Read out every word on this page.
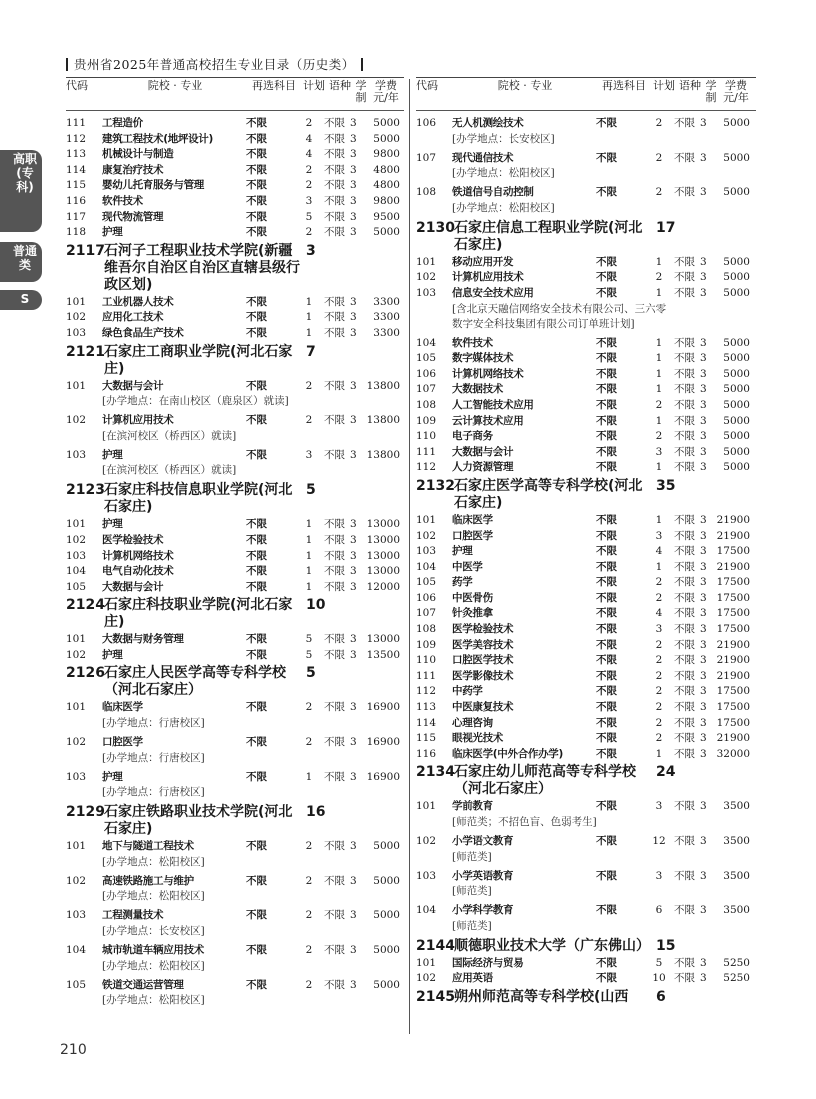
贵州省2025年普通高校招生专业目录（历史类）
高职(专科)
普通类
S
代码	院校 · 专业	再选科目 计划 语种 学制
学费元/年
111	工程造价	不限	2	不限 3	5000
112	建筑工程技术(地坪设计)	不限	4	不限 3	5000
113	机械设计与制造	不限	4	不限 3	9800
114	康复治疗技术	不限	2	不限 3	4800
115	婴幼儿托育服务与管理	不限	2	不限 3	4800
116	软件技术	不限	3	不限 3	9800
117	现代物流管理	不限	5	不限 3	9500
118	护理	不限	2	不限 3	5000
2117 石河子工程职业技术学院(新疆维吾尔自治区自治区直辖县级行政区划)
3
101	工业机器人技术	不限	1	不限 3	3300
102	应用化工技术	不限	1	不限 3	3300
103	绿色食品生产技术	不限	1	不限 3	3300
2121 石家庄工商职业学院(河北石家庄)
7
101	大数据与会计	不限	2	不限 3 13800
[办学地点：在南山校区（鹿泉区）就读]
102	计算机应用技术	不限	2	不限 3 13800
[在滨河校区（桥西区）就读]
103	护理	不限	3	不限 3 13800
[在滨河校区（桥西区）就读]
2123 石家庄科技信息职业学院(河北石家庄)
5
101	护理	不限	1	不限 3 13000
102	医学检验技术	不限	1	不限 3 13000
103	计算机网络技术	不限	1	不限 3 13000
104	电气自动化技术	不限	1	不限 3 13000
105	大数据与会计	不限	1	不限 3 12000
2124 石家庄科技职业学院(河北石家庄)
10
101	大数据与财务管理	不限	5	不限 3 13000
102	护理	不限	5	不限 3 13500
2126 石家庄人民医学高等专科学校（河北石家庄）
5
101	临床医学	不限	2	不限 3 16900
[办学地点：行唐校区]
102	口腔医学	不限	2	不限 3 16900
[办学地点：行唐校区]
103	护理	不限	1	不限 3 16900
[办学地点：行唐校区]
2129 石家庄铁路职业技术学院(河北石家庄)
16
101	地下与隧道工程技术	不限	2	不限 3	5000
[办学地点：松阳校区]
102	高速铁路施工与维护	不限	2	不限 3	5000
[办学地点：松阳校区]
103	工程测量技术	不限	2	不限 3	5000
[办学地点：长安校区]
104	城市轨道车辆应用技术	不限	2	不限 3	5000
[办学地点：松阳校区]
105	铁道交通运营管理	不限	2	不限 3	5000
[办学地点：松阳校区]
代码	院校 · 专业	再选科目 计划 语种 学制
学费元/年
106	无人机测绘技术	不限	2	不限 3	5000
[办学地点：长安校区]
107	现代通信技术	不限	2	不限 3	5000
[办学地点：松阳校区]
108	铁道信号自动控制	不限	2	不限 3	5000
[办学地点：松阳校区]
2130 石家庄信息工程职业学院(河北石家庄)
17
101	移动应用开发	不限	1	不限 3	5000
102	计算机应用技术	不限	2	不限 3	5000
103	信息安全技术应用	不限	1	不限 3	5000
[含北京天融信网络安全技术有限公司、三六零数字安全科技集团有限公司订单班计划]
104	软件技术	不限	1	不限 3	5000
105	数字媒体技术	不限	1	不限 3	5000
106	计算机网络技术	不限	1	不限 3	5000
107	大数据技术	不限	1	不限 3	5000
108	人工智能技术应用	不限	2	不限 3	5000
109	云计算技术应用	不限	1	不限 3	5000
110	电子商务	不限	2	不限 3	5000
111	大数据与会计	不限	3	不限 3	5000
112	人力资源管理	不限	1	不限 3	5000
2132 石家庄医学高等专科学校(河北石家庄)
35
101	临床医学	不限	1	不限 3 21900
102	口腔医学	不限	3	不限 3 21900
103	护理	不限	4	不限 3 17500
104	中医学	不限	1	不限 3 21900
105	药学	不限	2	不限 3 17500
106	中医骨伤	不限	2	不限 3 17500
107	针灸推拿	不限	4	不限 3 17500
108	医学检验技术	不限	3	不限 3 17500
109	医学美容技术	不限	2	不限 3 21900
110	口腔医学技术	不限	2	不限 3 21900
111	医学影像技术	不限	2	不限 3 21900
112	中药学	不限	2	不限 3 17500
113	中医康复技术	不限	2	不限 3 17500
114	心理咨询	不限	2	不限 3 17500
115	眼视光技术	不限	2	不限 3 21900
116	临床医学(中外合作办学)	不限	1	不限 3 32000
2134 石家庄幼儿师范高等专科学校（河北石家庄）
24
101	学前教育	不限	3	不限 3	3500
[师范类；不招色盲、色弱考生]
102	小学语文教育	不限	12 不限 3	3500
[师范类]
103	小学英语教育	不限	3	不限 3	3500
[师范类]
104	小学科学教育	不限	6	不限 3	3500
[师范类]
2144 顺德职业技术大学（广东佛山） 15
101	国际经济与贸易	不限	5	不限 3	5250
102	应用英语	不限	10 不限 3	5250
2145 朔州师范高等专科学校(山西	6
210
